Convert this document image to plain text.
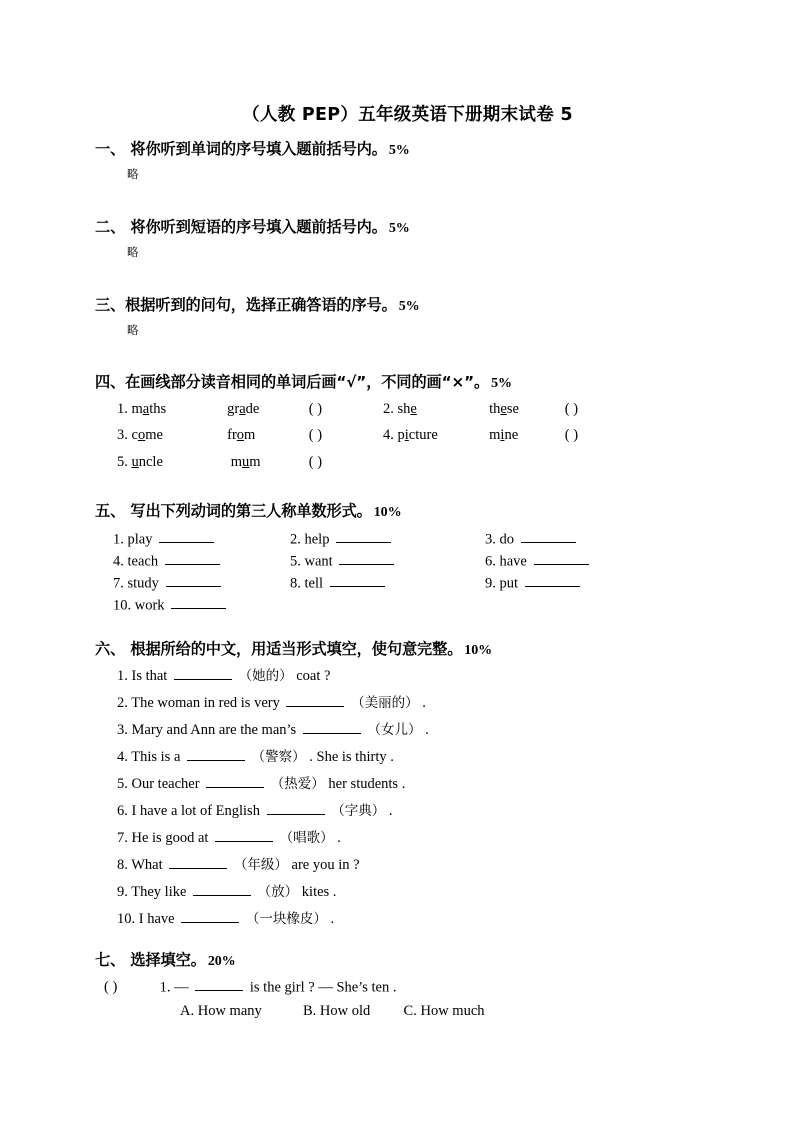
（人教 PEP）五年级英语下册期末试卷 5
一、 将你听到单词的序号填入题前括号内。 5%
略
二、 将你听到短语的序号填入题前括号内。 5%
略
三、根据听到的问句，选择正确答语的序号。 5%
略
四、在画线部分读音相同的单词后画“√”，不同的画“×”。 5%
1. maths	grade	( )	2. she	these	( )
3. come	from	( )	4. picture	mine	( )
5. uncle	mum	( )
五、 写出下列动词的第三人称单数形式。 10%
1. play	2. help	3. do
4. teach	5. want	6. have
7. study	8. tell	9. put
10. work
六、 根据所给的中文，用适当形式填空，使句意完整。 10%
1. Is that	（她的） coat ?
2. The woman in red is very	（美丽的） .
3. Mary and Ann are the man’s	（女儿） .
4. This is a	（警察） . She is thirty .
5. Our teacher	（热爱） her students .
6. I have a lot of English	（字典） .
7. He is good at	（唱歌） .
8. What	（年级） are you in ?
9. They like	（放） kites .
10. I have	（一块橡皮） .
七、 选择填空。 20%
( )	1. —	is the girl ? — She’s ten .
A. How many	B. How old C. How much
